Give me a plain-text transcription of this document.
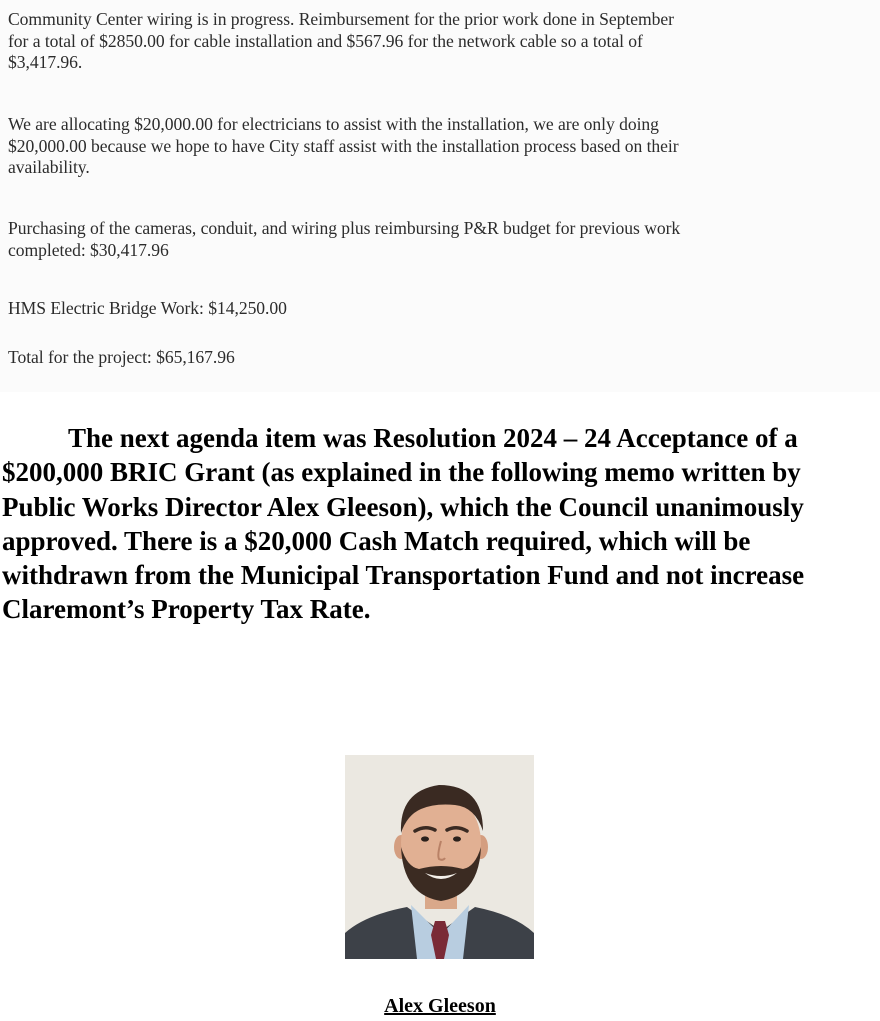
Community Center wiring is in progress. Reimbursement for the prior work done in September
for a total of $2850.00 for cable installation and $567.96 for the network cable so a total of
$3,417.96.

We are allocating $20,000.00 for electricians to assist with the installation, we are only doing
$20,000.00 because we hope to have City staff assist with the installation process based on their
availability.

Purchasing of the cameras, conduit, and wiring plus reimbursing P&R budget for previous work
completed: $30,417.96

HMS Electric Bridge Work: $14,250.00

Total for the project: $65,167.96

The next agenda item was Resolution 2024 – 24 Acceptance of a $200,000 BRIC Grant (as explained in the following memo written by Public Works Director Alex Gleeson), which the Council unanimously approved. There is a $20,000 Cash Match required, which will be withdrawn from the Municipal Transportation Fund and not increase Claremont’s Property Tax Rate.

Alex Gleeson
